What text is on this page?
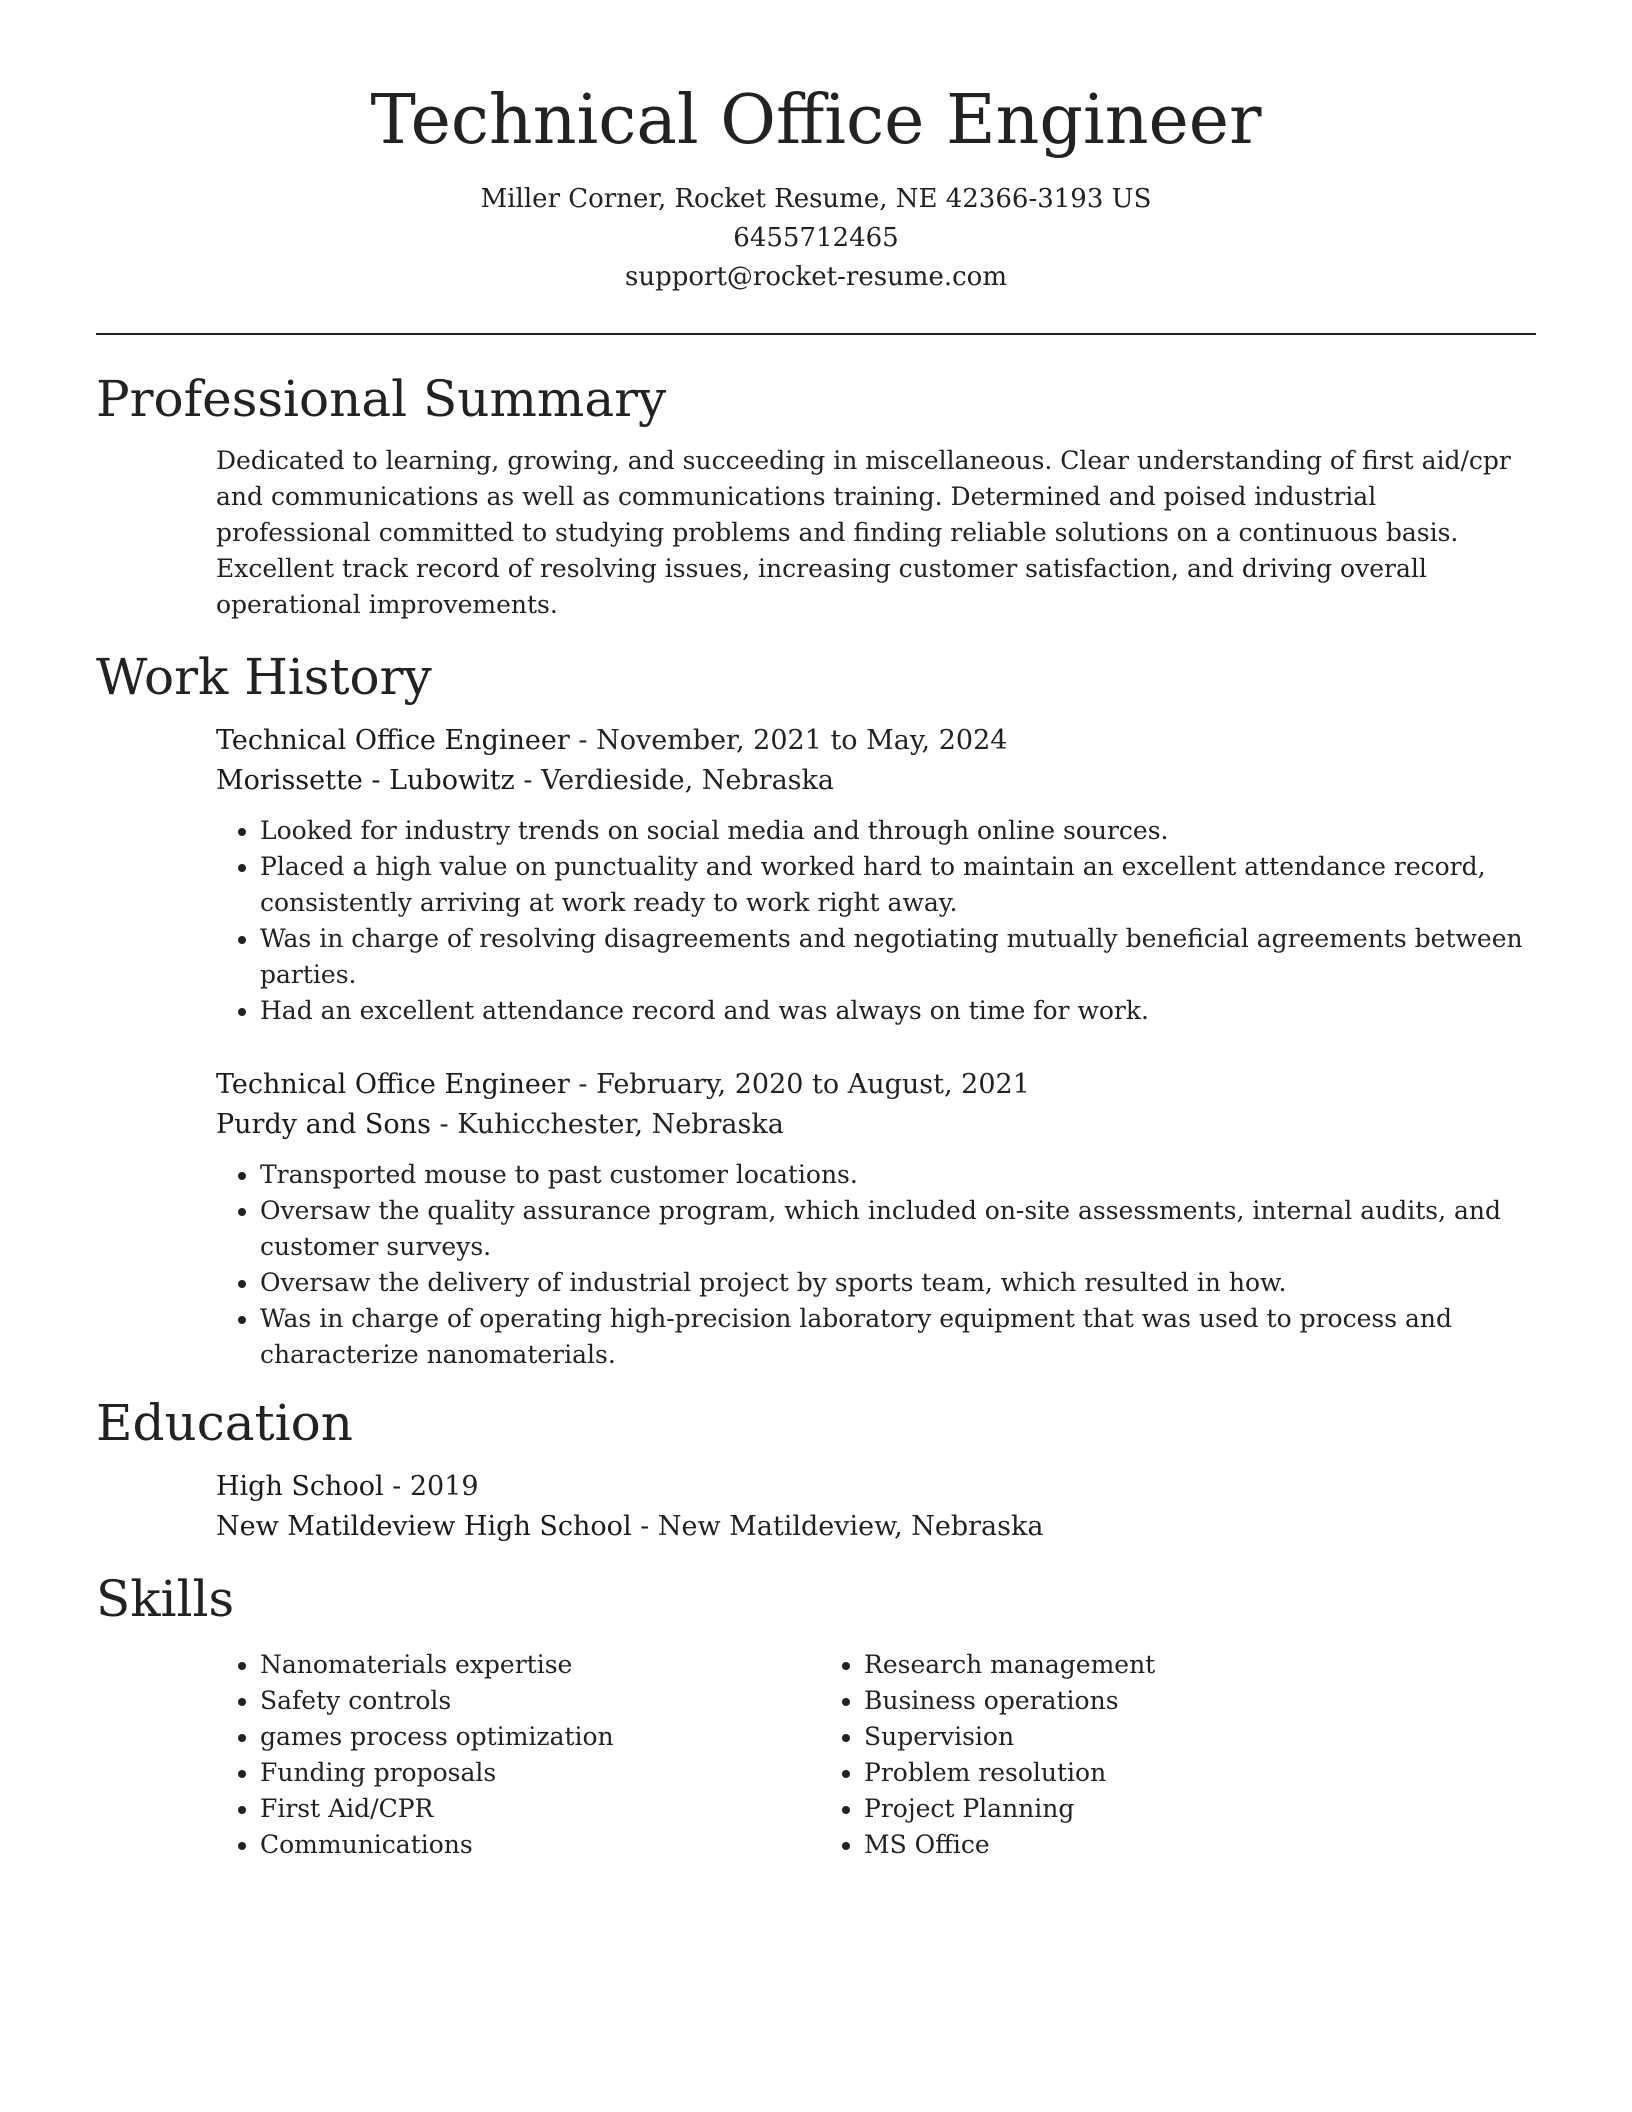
Technical Office Engineer

Miller Corner, Rocket Resume, NE 42366-3193 US

6455712465

support@rocket-resume.com

Professional Summary

Dedicated to learning, growing, and succeeding in miscellaneous. Clear understanding of first aid/cpr and communications as well as communications training. Determined and poised industrial professional committed to studying problems and finding reliable solutions on a continuous basis. Excellent track record of resolving issues, increasing customer satisfaction, and driving overall operational improvements.

Work History

Technical Office Engineer - November, 2021 to May, 2024

Morissette - Lubowitz - Verdieside, Nebraska

• Looked for industry trends on social media and through online sources.
• Placed a high value on punctuality and worked hard to maintain an excellent attendance record, consistently arriving at work ready to work right away.
• Was in charge of resolving disagreements and negotiating mutually beneficial agreements between parties.
• Had an excellent attendance record and was always on time for work.

Technical Office Engineer - February, 2020 to August, 2021

Purdy and Sons - Kuhicchester, Nebraska

• Transported mouse to past customer locations.
• Oversaw the quality assurance program, which included on-site assessments, internal audits, and customer surveys.
• Oversaw the delivery of industrial project by sports team, which resulted in how.
• Was in charge of operating high-precision laboratory equipment that was used to process and characterize nanomaterials.
Education

High School - 2019

New Matildeview High School - New Matildeview, Nebraska

Skills
• Nanomaterials expertise
• Safety controls
• games process optimization
• Funding proposals
• First Aid/CPR
• Communications
• Research management
• Business operations
• Supervision
• Problem resolution
• Project Planning
• MS Office
